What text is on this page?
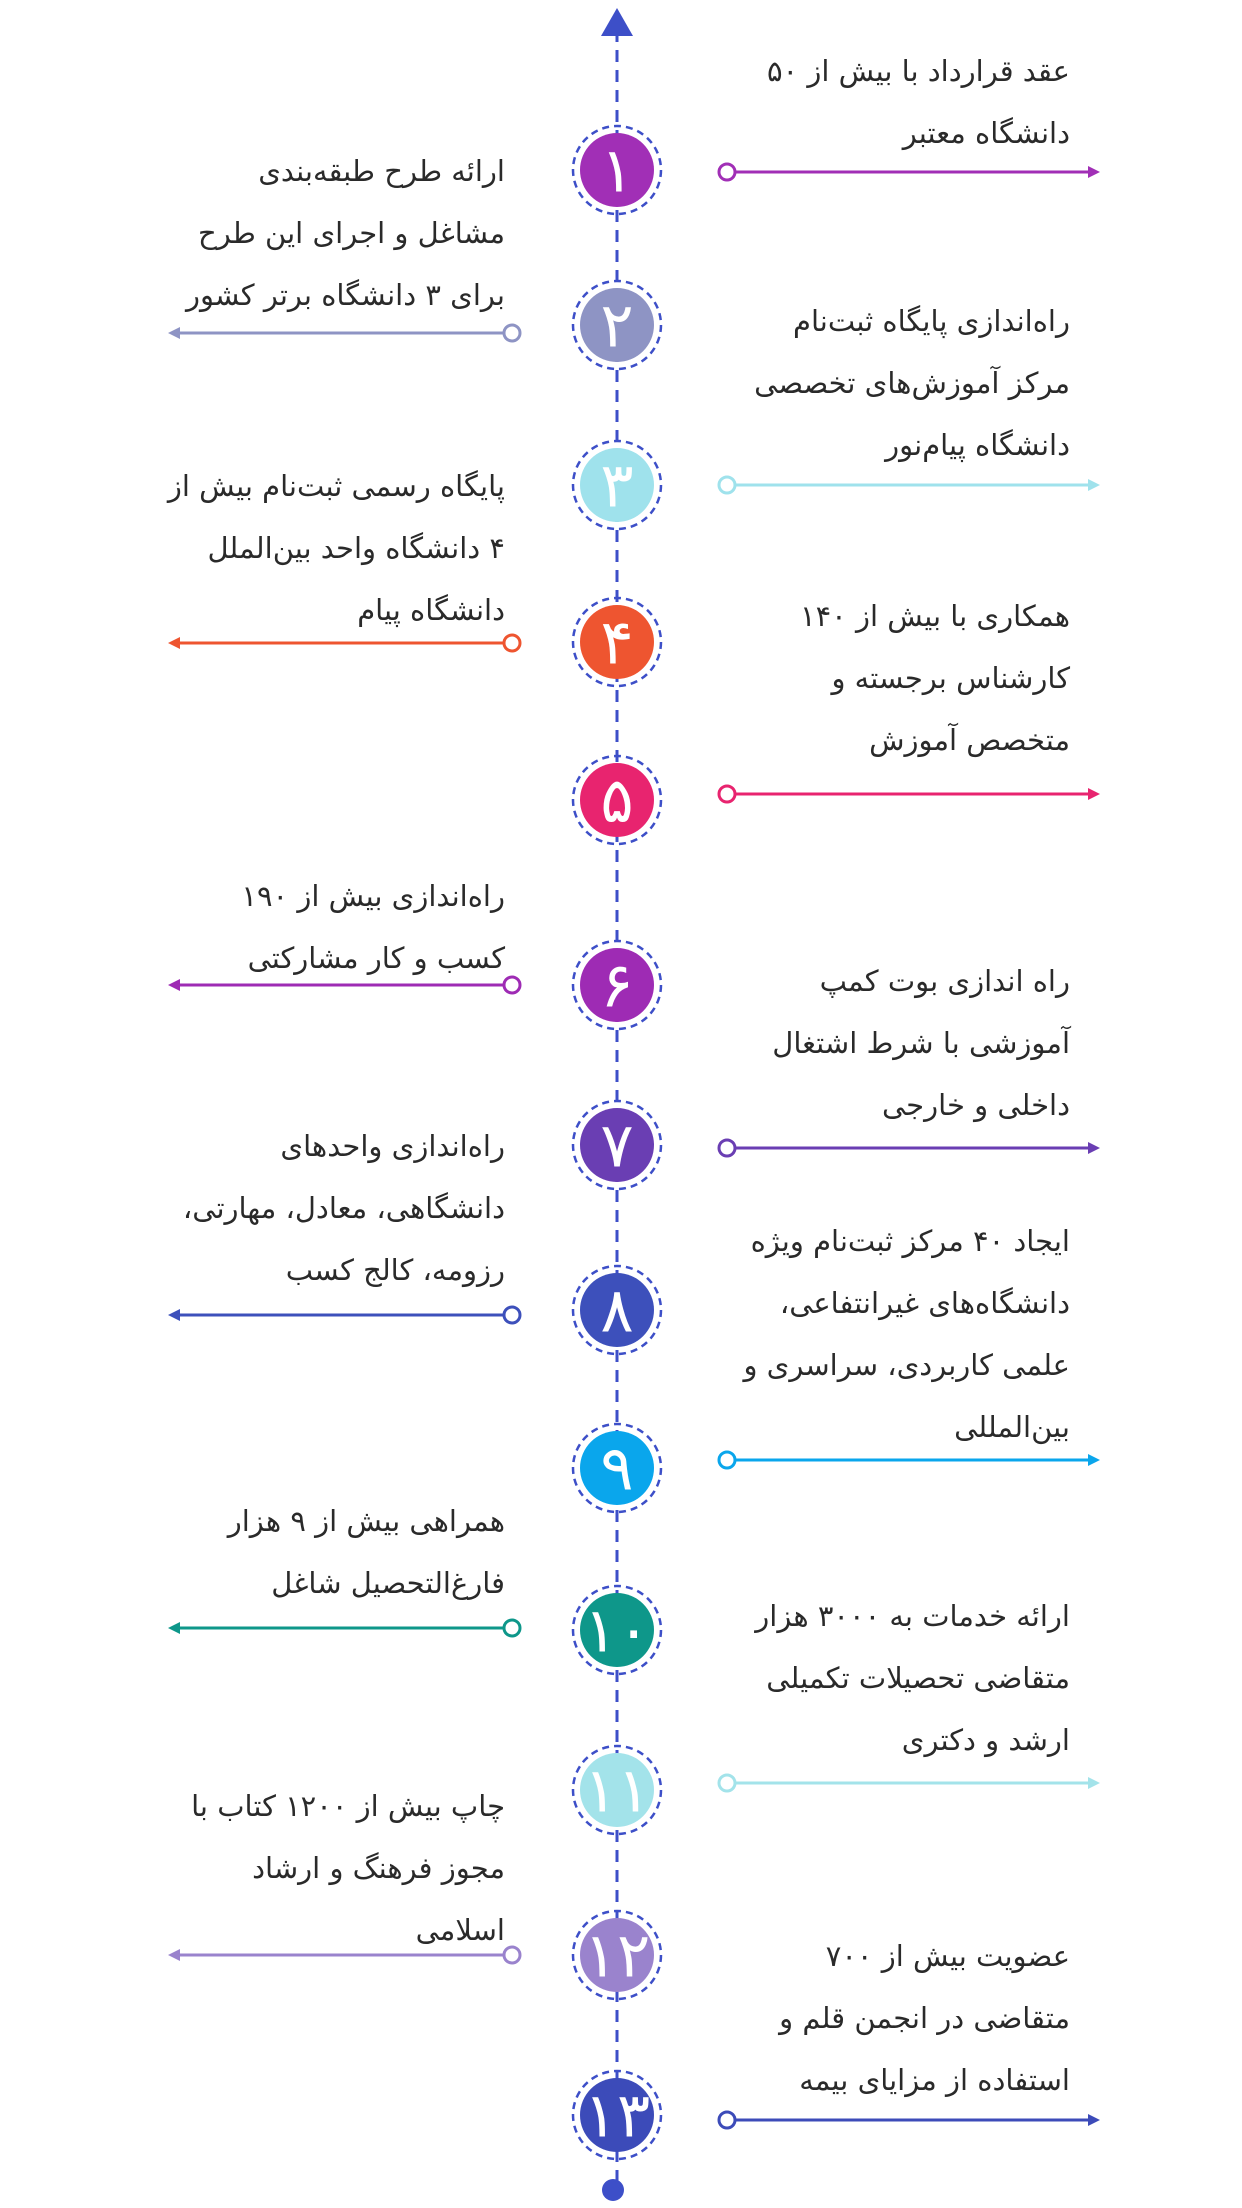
۱
۲
۳
۴
۵
۶
۷
۸
۹
۱۰
۱۱
۱۲
۱۳
عقد قرارداد با بیش از ۵۰ دانشگاه معتبر
ارائه طرح طبقه‌بندی مشاغل و اجرای این طرح برای ۳ دانشگاه برتر کشور
راه‌اندازی پایگاه ثبت‌نام مرکز آموزش‌های تخصصی دانشگاه پیام‌نور
پایگاه رسمی ثبت‌نام بیش از ۴ دانشگاه واحد بین‌الملل دانشگاه پیام	همکاری با بیش از ۱۴۰ کارشناس برجسته و متخصص آموزش
راه‌اندازی بیش از ۱۹۰ کسب و کار مشارکتی
راه اندازی بوت کمپ آموزشی با شرط اشتغال داخلی و خارجی
راه‌اندازی واحدهای دانشگاهی، معادل، مهارتی، رزومه، کالج کسب
ایجاد ۴۰ مرکز ثبت‌نام ویژه دانشگاه‌های غیرانتفاعی، علمی کاربردی، سراسری و بین‌المللی
همراهی بیش از ۹ هزار فارغ‌التحصیل شاغل
ارائه خدمات به ۳۰۰۰ هزار متقاضی تحصیلات تکمیلی ارشد و دکتری
چاپ بیش از ۱۲۰۰ کتاب با مجوز فرهنگ و ارشاد اسلامی
عضویت بیش از ۷۰۰ متقاضی در انجمن قلم و استفاده از مزایای بیمه
